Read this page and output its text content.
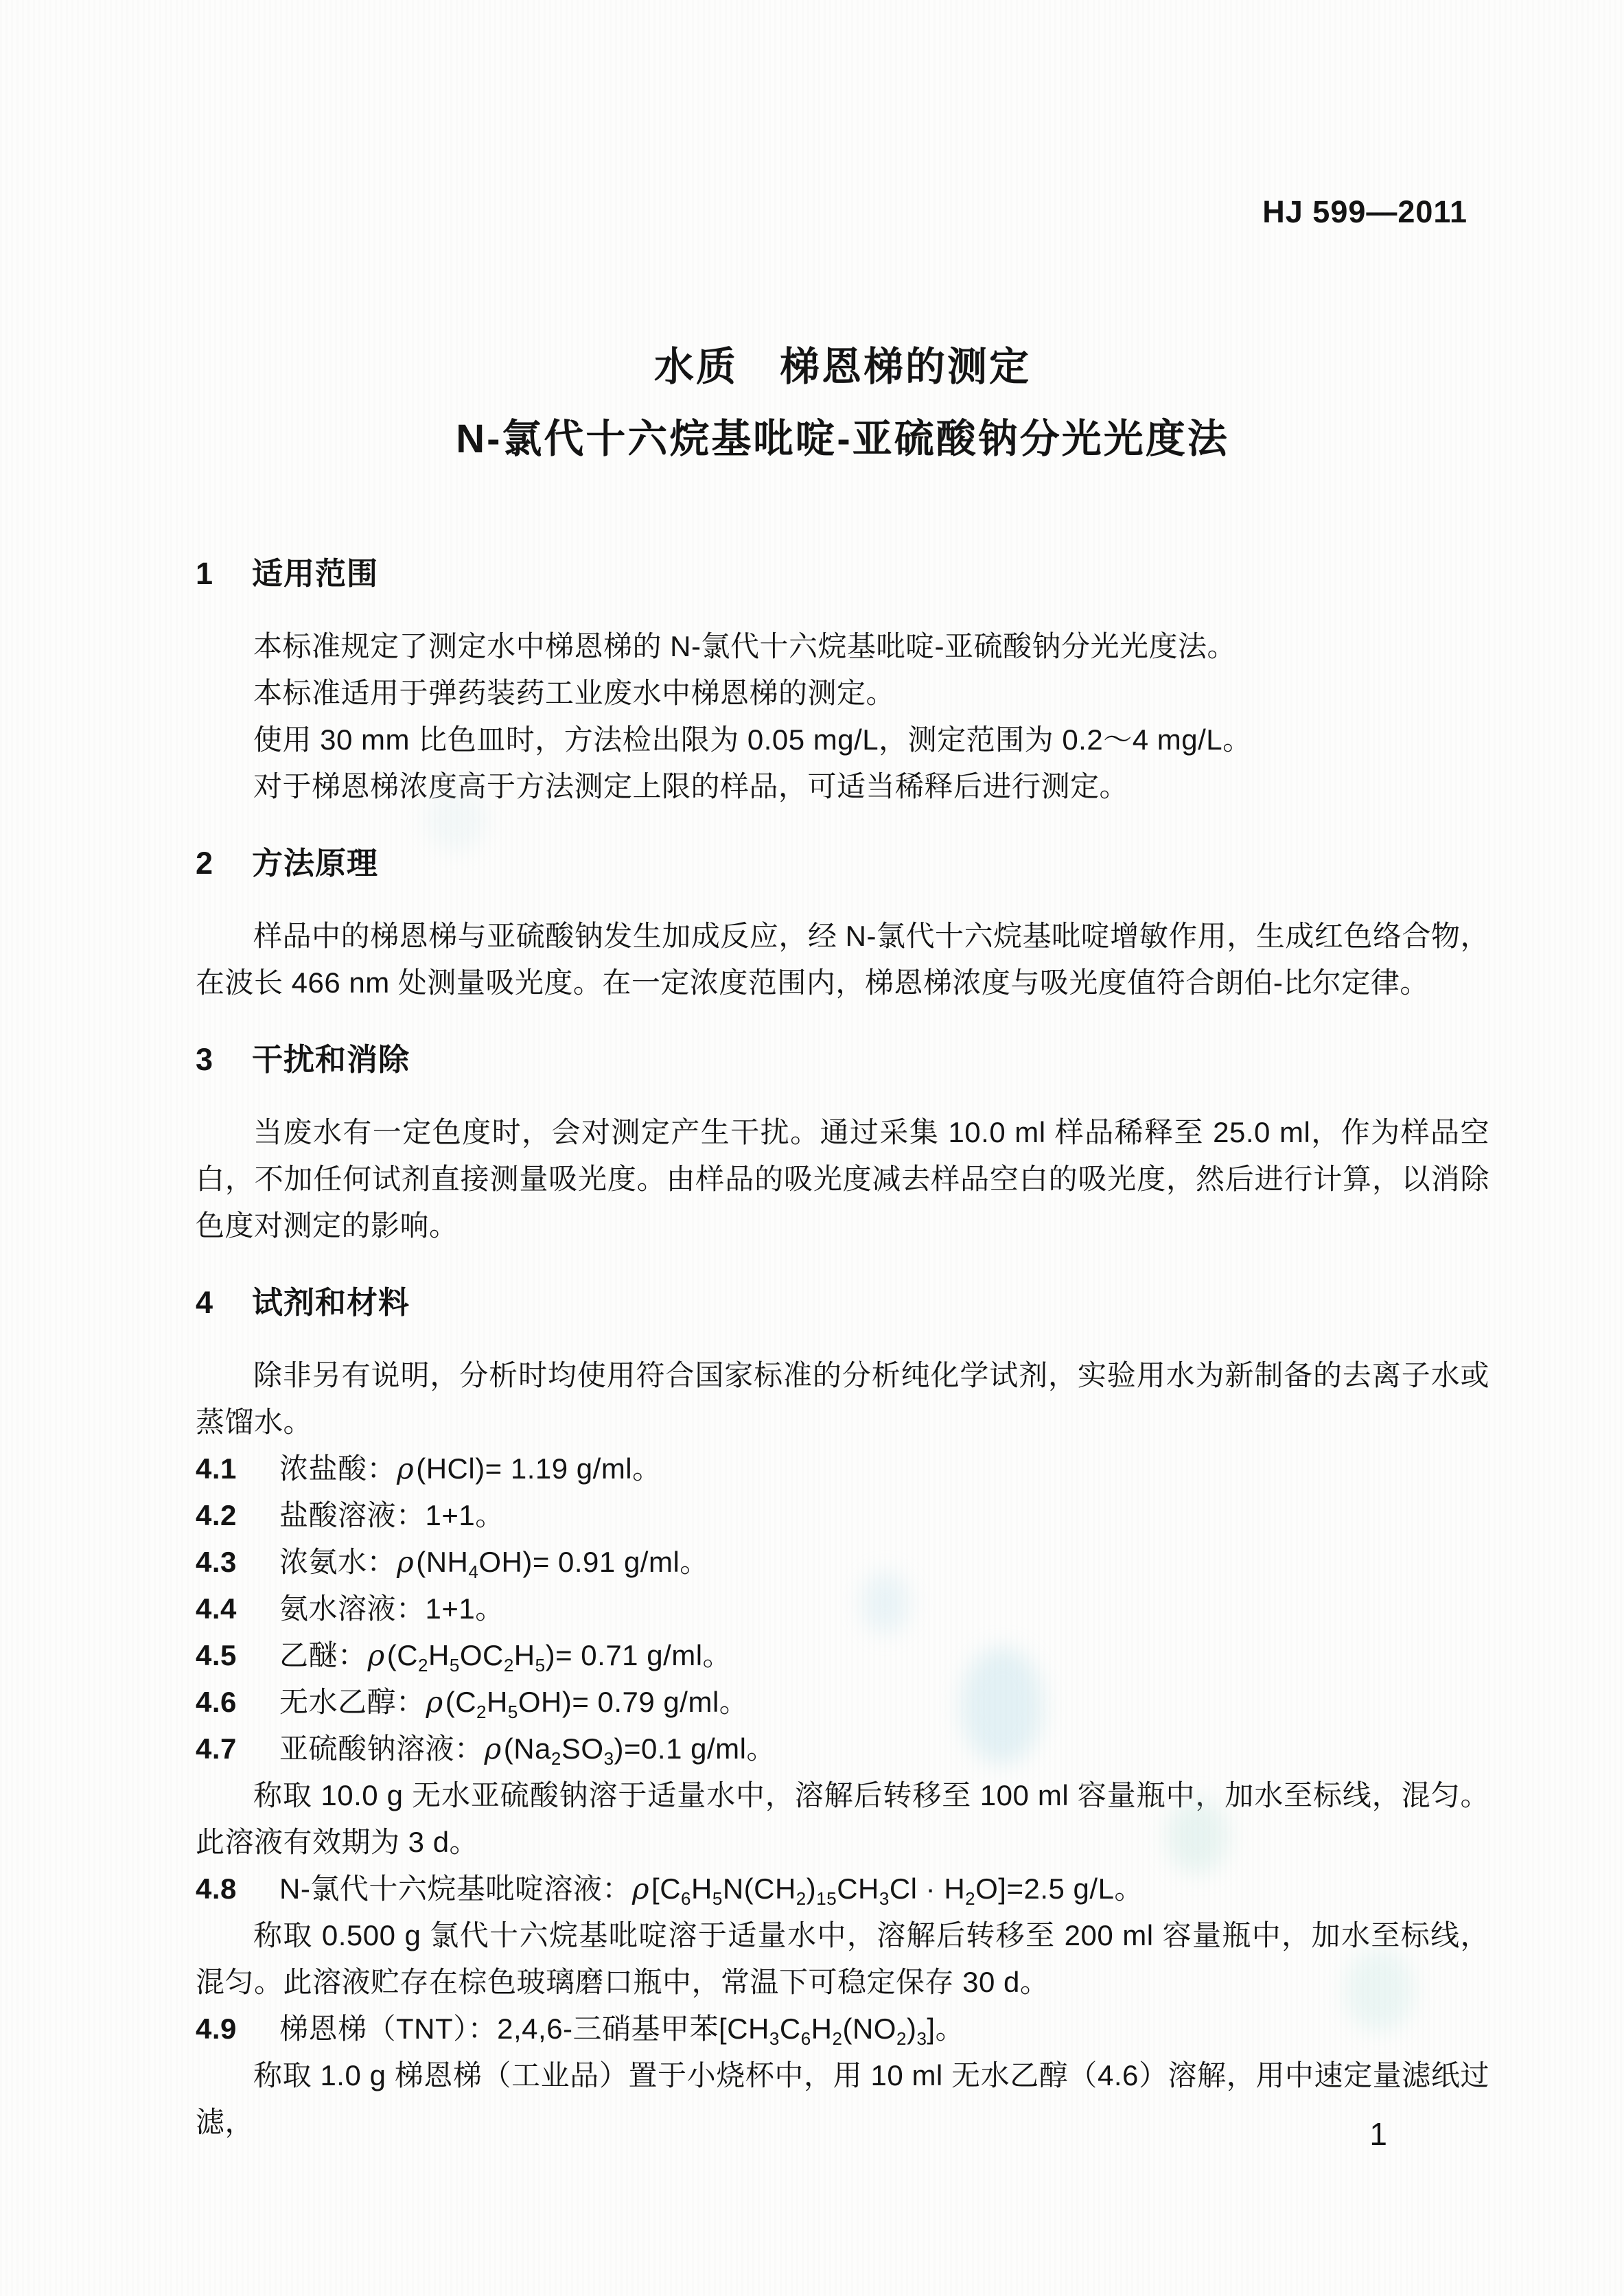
HJ 599—2011
水质　梯恩梯的测定
N-氯代十六烷基吡啶-亚硫酸钠分光光度法
1 适用范围

本标准规定了测定水中梯恩梯的 N-氯代十六烷基吡啶-亚硫酸钠分光光度法。

本标准适用于弹药装药工业废水中梯恩梯的测定。

使用 30 mm 比色皿时，方法检出限为 0.05 mg/L，测定范围为 0.2～4 mg/L。

对于梯恩梯浓度高于方法测定上限的样品，可适当稀释后进行测定。

2 方法原理

样品中的梯恩梯与亚硫酸钠发生加成反应，经 N-氯代十六烷基吡啶增敏作用，生成红色络合物，在波长 466 nm 处测量吸光度。在一定浓度范围内，梯恩梯浓度与吸光度值符合朗伯-比尔定律。

3 干扰和消除

当废水有一定色度时，会对测定产生干扰。通过采集 10.0 ml 样品稀释至 25.0 ml，作为样品空白，不加任何试剂直接测量吸光度。由样品的吸光度减去样品空白的吸光度，然后进行计算，以消除色度对测定的影响。

4 试剂和材料

除非另有说明，分析时均使用符合国家标准的分析纯化学试剂，实验用水为新制备的去离子水或蒸馏水。

4.1 浓盐酸：ρ(HCl)= 1.19 g/ml。

4.2 盐酸溶液：1+1。

4.3 浓氨水：$\rho(NH_4OH)= 0.91$ g/ml。

4.4 氨水溶液：1+1。

4.5 乙醚：$\rho(C_2H_5OC_2H_5)= 0.71$ g/ml。

4.6 无水乙醇：$\rho(C_2H_5OH)= 0.79$ g/ml。

4.7 亚硫酸钠溶液：$\rho(Na_2SO_3)=0.1$ g/ml。

称取 10.0 g 无水亚硫酸钠溶于适量水中，溶解后转移至 100 ml 容量瓶中，加水至标线，混匀。此溶液有效期为 3 d。

4.8 N-氯代十六烷基吡啶溶液：$\rho[C_6H_5N(CH_2)_{15}CH_3Cl \cdot H_2O]=2.5$ g/L。

称取 0.500 g 氯代十六烷基吡啶溶于适量水中，溶解后转移至 200 ml 容量瓶中，加水至标线，混匀。此溶液贮存在棕色玻璃磨口瓶中，常温下可稳定保存 30 d。

4.9 梯恩梯（TNT）：2,4,6-三硝基甲苯$[CH_3C_6H_2(NO_2)_3]$。

称取 1.0 g 梯恩梯（工业品）置于小烧杯中，用 10 ml 无水乙醇（4.6）溶解，用中速定量滤纸过滤，	1
